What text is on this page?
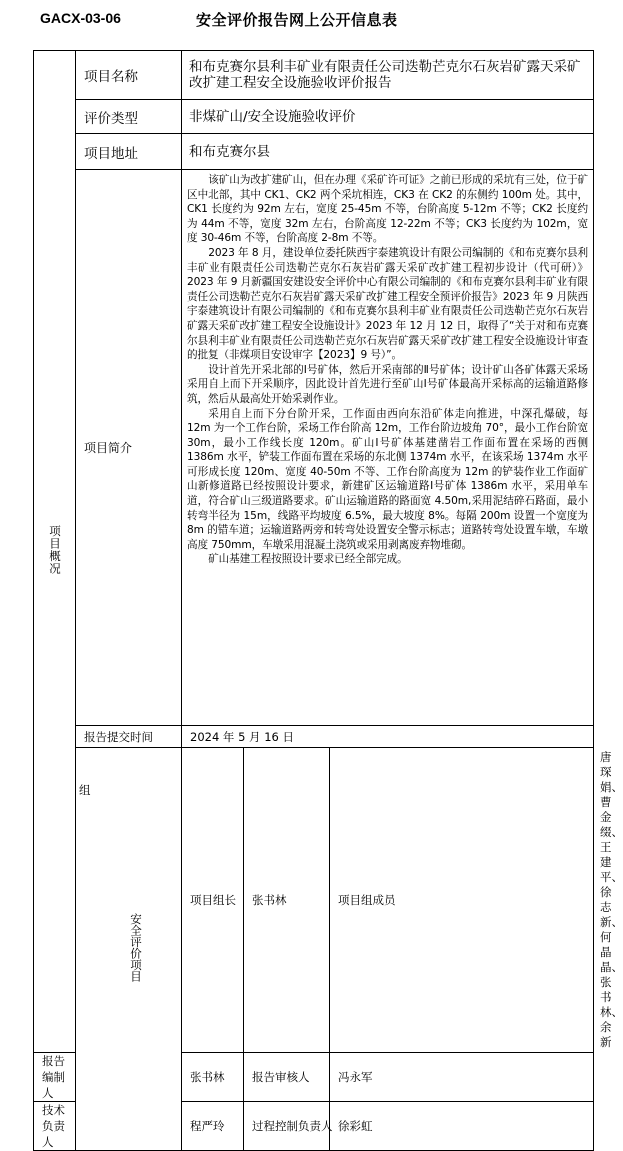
GACX-03-06	安全评价报告网上公开信息表
项目概况	项目名称	和布克赛尔县利丰矿业有限责任公司迭勒芒克尔石灰岩矿露天采矿改扩建工程安全设施验收评价报告			
	评价类型	非煤矿山/安全设施验收评价			
	项目地址	和布克赛尔县			
	项目简介	该矿山为改扩建矿山，但在办理《采矿许可证》之前已形成的采坑有三处，位于矿区中北部，其中 CK1、CK2 两个采坑相连，CK3 在 CK2 的东侧约 100m 处。其中，CK1 长度约为 92m 左右，宽度 25-45m 不等，台阶高度 5-12m 不等；CK2 长度约为 44m 不等，宽度 32m 左右，台阶高度 12-22m 不等；CK3 长度约为 102m，宽度 30-46m 不等，台阶高度 2-8m 不等。

2023 年 8 月，建设单位委托陕西宇泰建筑设计有限公司编制的《和布克赛尔县利丰矿业有限责任公司迭勒芒克尔石灰岩矿露天采矿改扩建工程初步设计（代可研）》2023 年 9 月新疆国安建设安全评价中心有限公司编制的《和布克赛尔县利丰矿业有限责任公司迭勒芒克尔石灰岩矿露天采矿改扩建工程安全预评价报告》2023 年 9 月陕西宇泰建筑设计有限公司编制的《和布克赛尔县利丰矿业有限责任公司迭勒芒克尔石灰岩矿露天采矿改扩建工程安全设施设计》2023 年 12 月 12 日，取得了“关于对和布克赛尔县利丰矿业有限责任公司迭勒芒克尔石灰岩矿露天采矿改扩建工程安全设施设计审查的批复（非煤项目安设审字【2023】9 号）”。

设计首先开采北部的Ⅰ号矿体，然后开采南部的Ⅱ号矿体；设计矿山各矿体露天采场采用自上而下开采顺序，因此设计首先进行至矿山Ⅰ号矿体最高开采标高的运输道路修筑，然后从最高处开始采剥作业。

采用自上而下分台阶开采，工作面由西向东沿矿体走向推进，中深孔爆破，每 12m 为一个工作台阶，采场工作台阶高 12m，工作台阶边坡角 70°，最小工作台阶宽 30m，最小工作线长度 120m。矿山Ⅰ号矿体基建凿岩工作面布置在采场的西侧 1386m 水平，铲装工作面布置在采场的东北侧 1374m 水平，在该采场 1374m 水平可形成长度 120m、宽度 40-50m 不等、工作台阶高度为 12m 的铲装作业工作面矿山新修道路已经按照设计要求，新建矿区运输道路Ⅰ号矿体 1386m 水平，采用单车道，符合矿山三级道路要求。矿山运输道路的路面宽 4.50m,采用泥结碎石路面，最小转弯半径为 15m，线路平均坡度 6.5%，最大坡度 8%。每隔 200m 设置一个宽度为 8m 的错车道；运输道路两旁和转弯处设置安全警示标志；道路转弯处设置车墩，车墩高度 750mm，车墩采用混凝土浇筑或采用剥离废弃物堆砌。

矿山基建工程按照设计要求已经全部完成。			

	报告提交时间	2024 年 5 月 16 日			

	组
安全评价项目	项目组长	张书林	项目组成员	唐琛娟、曹金缀、王建平、徐志新、何晶晶、张书林、余新
报告编制人		张书林	报告审核人	冯永军	
技术负责人		程严玲	过程控制负责人	徐彩虹	
